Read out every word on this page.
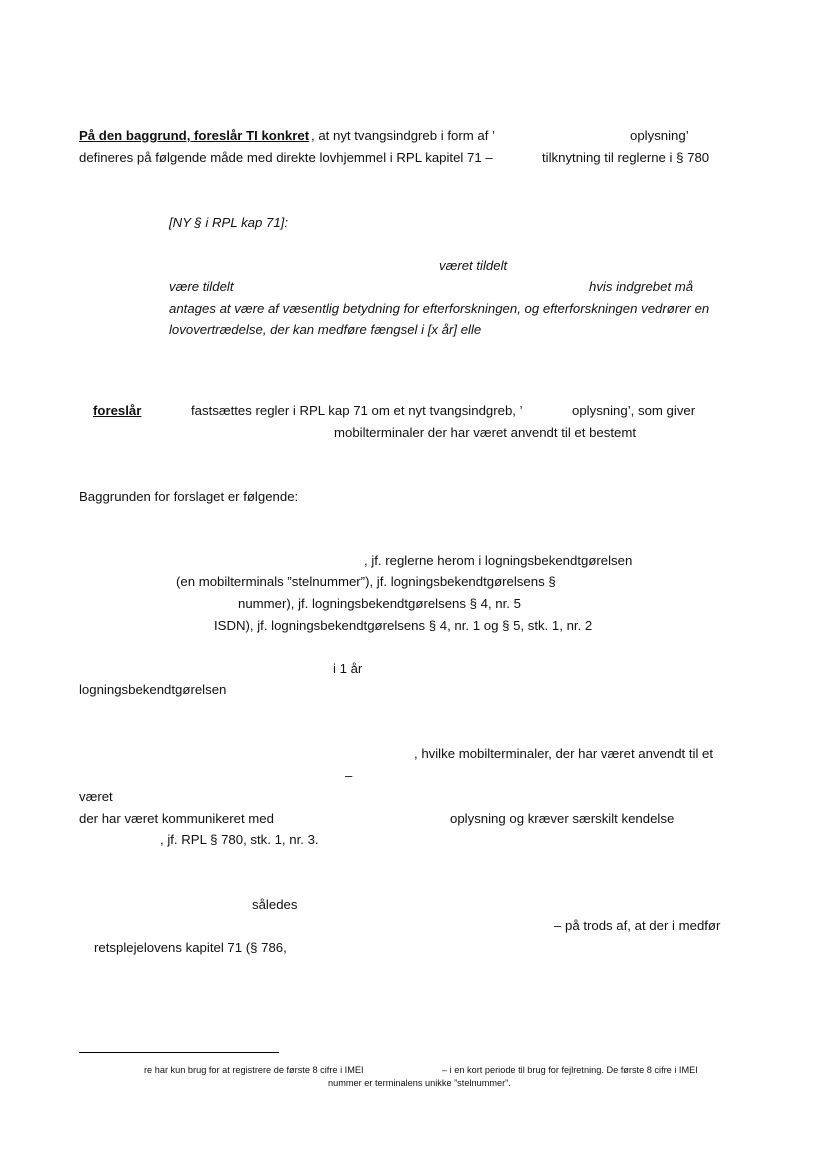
På den baggrund, foreslår TI konkret , at nyt tvangsindgreb i form af ’	oplysning’
defineres på følgende måde med direkte lovhjemmel i RPL kapitel 71 –	tilknytning til reglerne i § 780
[NY § i RPL kap 71]:
været tildelt
være tildelt	hvis indgrebet må
antages at være af væsentlig betydning for efterforskningen, og efterforskningen vedrører en
lovovertrædelse, der kan medføre fængsel i [x år] elle
foreslår	fastsættes regler i RPL kap 71 om et nyt tvangsindgreb, ’	oplysning’, som giver
mobilterminaler der har været anvendt til et bestemt
Baggrunden for forslaget er følgende:
, jf. reglerne herom i logningsbekendtgørelsen
(en mobilterminals ”stelnummer”), jf. logningsbekendtgørelsens §
nummer), jf. logningsbekendtgørelsens § 4, nr. 5
ISDN), jf. logningsbekendtgørelsens § 4, nr. 1 og § 5, stk. 1, nr. 2
i 1 år
logningsbekendtgørelsen
, hvilke mobilterminaler, der har været anvendt til et
–
været
der har været kommunikeret med	oplysning og kræver særskilt kendelse
, jf. RPL § 780, stk. 1, nr. 3.
således
– på trods af, at der i medfør
retsplejelovens kapitel 71 (§ 786,
re har kun brug for at registrere de første 8 cifre i IMEI	– i en kort periode til brug for fejlretning. De første 8 cifre i IMEI
nummer er terminalens unikke ”stelnummer”.
